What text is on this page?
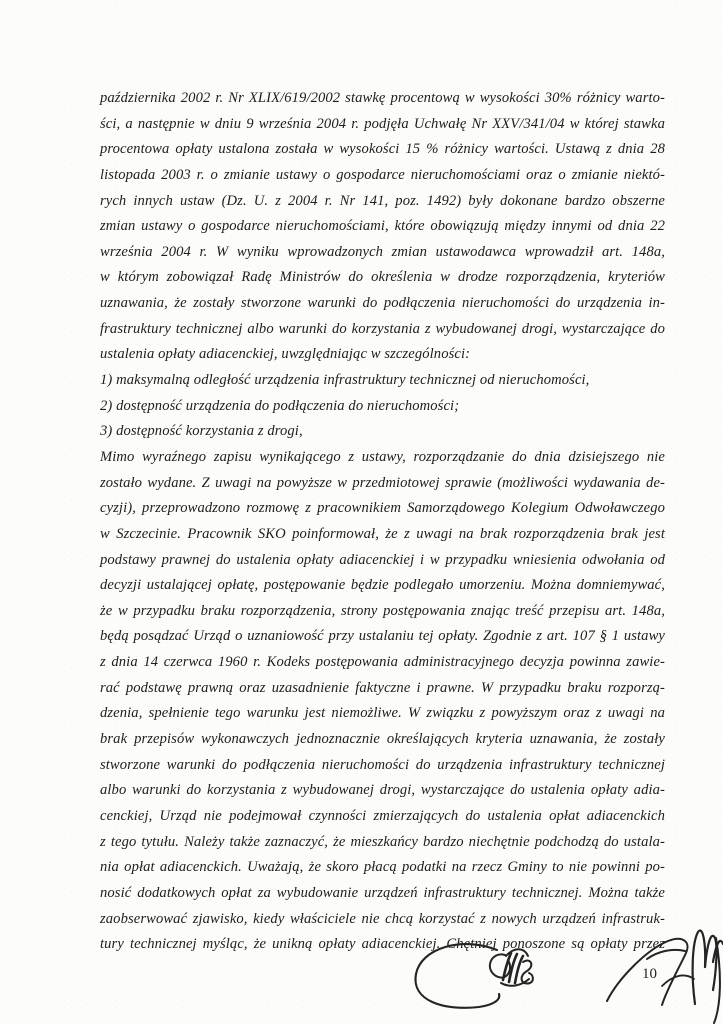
października 2002 r. Nr XLIX/619/2002 stawkę procentową w wysokości 30% różnicy warto-
ści, a następnie w dniu 9 września 2004 r. podjęła Uchwałę Nr XXV/341/04 w której stawka
procentowa opłaty ustalona została w wysokości 15 % różnicy wartości. Ustawą z dnia 28
listopada 2003 r. o zmianie ustawy o gospodarce nieruchomościami oraz o zmianie niektó-
rych innych ustaw (Dz. U. z 2004 r. Nr 141, poz. 1492) były dokonane bardzo obszerne
zmian ustawy o gospodarce nieruchomościami, które obowiązują między innymi od dnia 22
września 2004 r. W wyniku wprowadzonych zmian ustawodawca wprowadził art. 148a,
w którym zobowiązał Radę Ministrów do określenia w drodze rozporządzenia, kryteriów
uznawania, że zostały stworzone warunki do podłączenia nieruchomości do urządzenia in-
frastruktury technicznej albo warunki do korzystania z wybudowanej drogi, wystarczające do
ustalenia opłaty adiacenckiej, uwzględniając w szczególności:
1) maksymalną odległość urządzenia infrastruktury technicznej od nieruchomości,
2) dostępność urządzenia do podłączenia do nieruchomości;
3) dostępność korzystania z drogi,
Mimo wyraźnego zapisu wynikającego z ustawy, rozporządzanie do dnia dzisiejszego nie
zostało wydane. Z uwagi na powyższe w przedmiotowej sprawie (możliwości wydawania de-
cyzji), przeprowadzono rozmowę z pracownikiem Samorządowego Kolegium Odwoławczego
w Szczecinie. Pracownik SKO poinformował, że z uwagi na brak rozporządzenia brak jest
podstawy prawnej do ustalenia opłaty adiacenckiej i w przypadku wniesienia odwołania od
decyzji ustalającej opłatę, postępowanie będzie podlegało umorzeniu. Można domniemywać,
że w przypadku braku rozporządzenia, strony postępowania znając treść przepisu art. 148a,
będą posądzać Urząd o uznaniowość przy ustalaniu tej opłaty. Zgodnie z art. 107 § 1 ustawy
z dnia 14 czerwca 1960 r. Kodeks postępowania administracyjnego decyzja powinna zawie-
rać podstawę prawną oraz uzasadnienie faktyczne i prawne. W przypadku braku rozporzą-
dzenia, spełnienie tego warunku jest niemożliwe. W związku z powyższym oraz z uwagi na
brak przepisów wykonawczych jednoznacznie określających kryteria uznawania, że zostały
stworzone warunki do podłączenia nieruchomości do urządzenia infrastruktury technicznej
albo warunki do korzystania z wybudowanej drogi, wystarczające do ustalenia opłaty adia-
cenckiej, Urząd nie podejmował czynności zmierzających do ustalenia opłat adiacenckich
z tego tytułu. Należy także zaznaczyć, że mieszkańcy bardzo niechętnie podchodzą do ustala-
nia opłat adiacenckich. Uważają, że skoro płacą podatki na rzecz Gminy to nie powinni po-
nosić dodatkowych opłat za wybudowanie urządzeń infrastruktury technicznej. Można także
zaobserwować zjawisko, kiedy właściciele nie chcą korzystać z nowych urządzeń infrastruk-
tury technicznej myśląc, że unikną opłaty adiacenckiej. Chętniej ponoszone są opłaty przez
10
